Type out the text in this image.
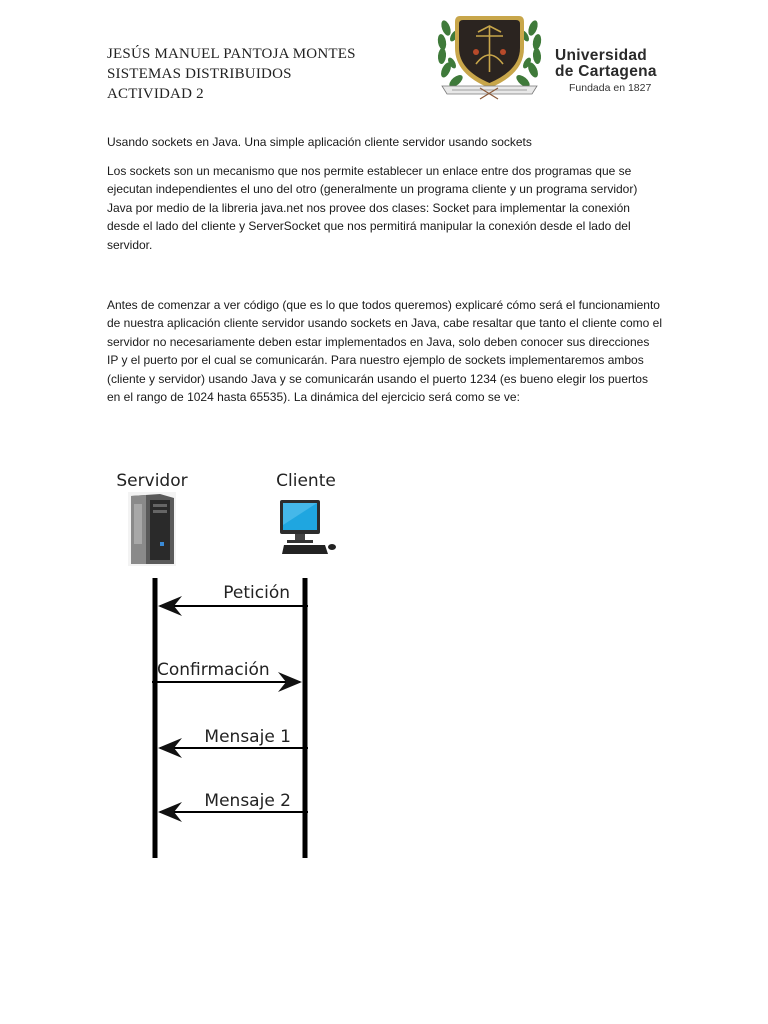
JESÚS MANUEL PANTOJA MONTES
SISTEMAS DISTRIBUIDOS
ACTIVIDAD 2
Universidad
de Cartagena
Fundada en 1827
Usando sockets en Java. Una simple aplicación cliente servidor usando sockets
Los sockets son un mecanismo que nos permite establecer un enlace entre dos programas que se ejecutan independientes el uno del otro (generalmente un programa cliente y un programa servidor) Java por medio de la libreria java.net nos provee dos clases: Socket para implementar la conexión desde el lado del cliente y ServerSocket que nos permitirá manipular la conexión desde el lado del servidor.
Antes de comenzar a ver código (que es lo que todos queremos) explicaré cómo será el funcionamiento de nuestra aplicación cliente servidor usando sockets en Java, cabe resaltar que tanto el cliente como el servidor no necesariamente deben estar implementados en Java, solo deben conocer sus direcciones IP y el puerto por el cual se comunicarán. Para nuestro ejemplo de sockets implementaremos ambos (cliente y servidor) usando Java y se comunicarán usando el puerto 1234 (es bueno elegir los puertos en el rango de 1024 hasta 65535). La dinámica del ejercicio será como se ve:
Servidor	Cliente
Petición
Confirmación
Mensaje 1
Mensaje 2
